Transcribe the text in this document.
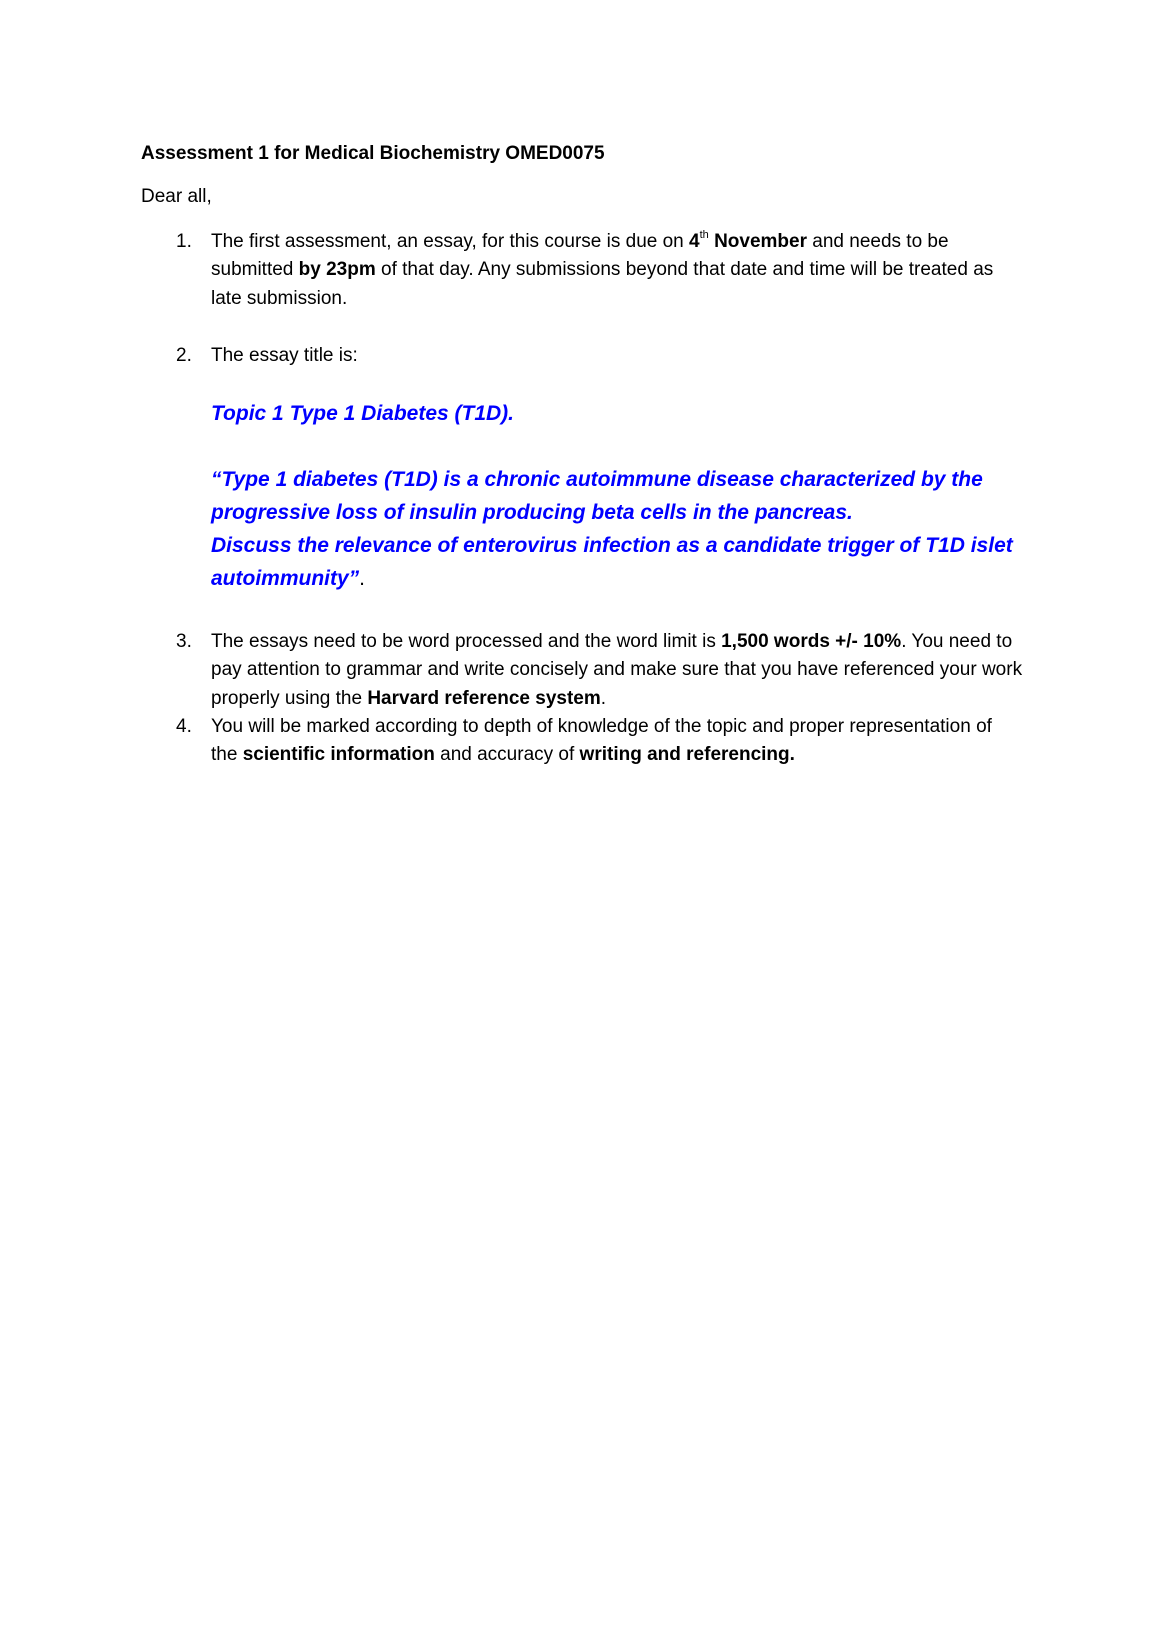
Assessment 1 for Medical Biochemistry OMED0075
Dear all,
1.	The first assessment, an essay, for this course is due on 4th November and needs to be submitted by 23pm of that day. Any submissions beyond that date and time will be treated as late submission.
2.	The essay title is:
Topic 1 Type 1 Diabetes (T1D).
“Type 1 diabetes (T1D) is a chronic autoimmune disease characterized by the progressive loss of insulin producing beta cells in the pancreas.
Discuss the relevance of enterovirus infection as a candidate trigger of T1D islet autoimmunity”.
3.	The essays need to be word processed and the word limit is 1,500 words +/- 10%. You need to pay attention to grammar and write concisely and make sure that you have referenced your work properly using the Harvard reference system.
4.	You will be marked according to depth of knowledge of the topic and proper representation of the scientific information and accuracy of writing and referencing.
